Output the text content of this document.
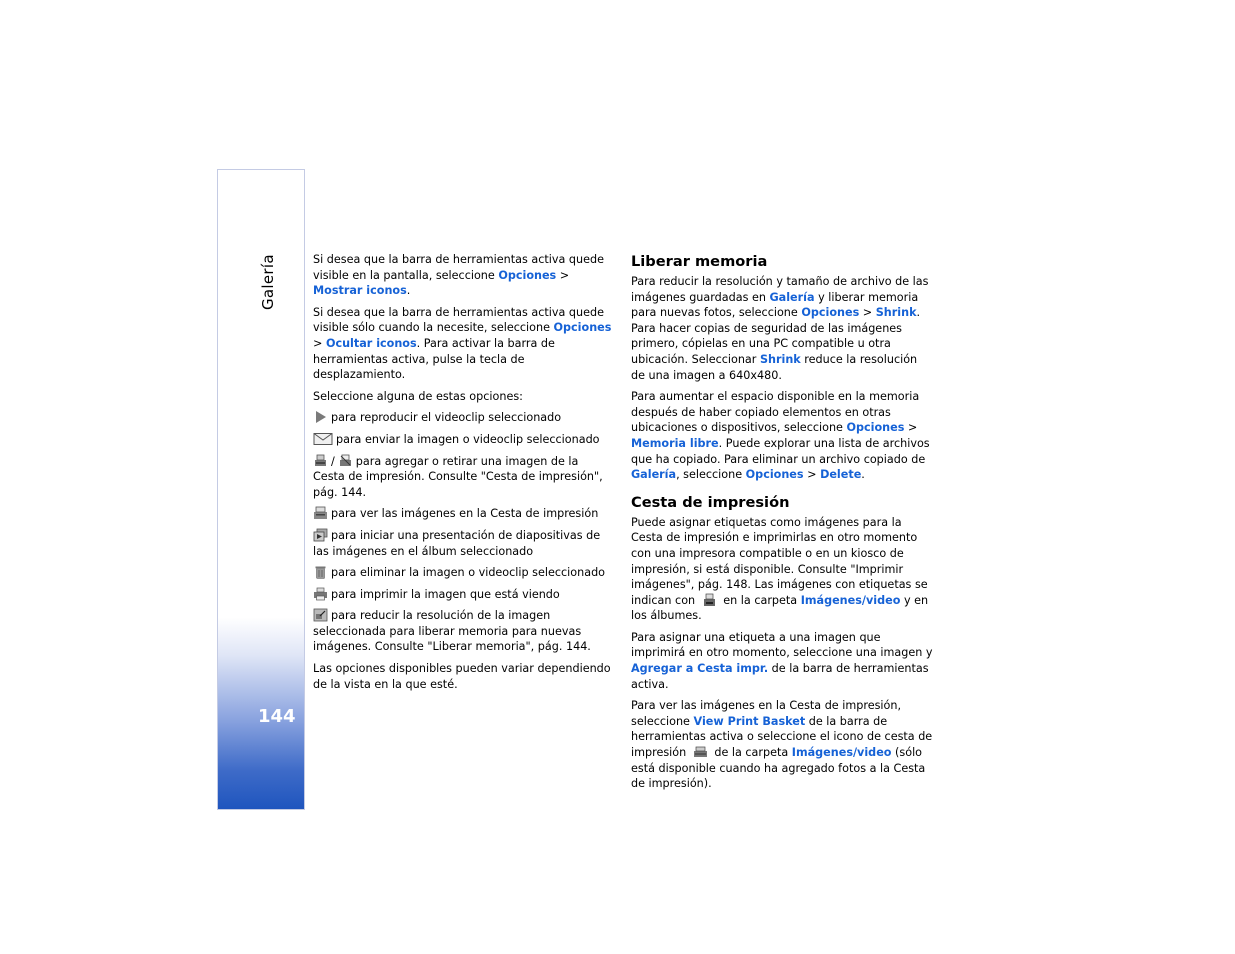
Galería
144

Si desea que la barra de herramientas activa quede visible en la pantalla, seleccione Opciones > Mostrar iconos.

Si desea que la barra de herramientas activa quede visible sólo cuando la necesite, seleccione Opciones > Ocultar iconos. Para activar la barra de herramientas activa, pulse la tecla de desplazamiento.

Seleccione alguna de estas opciones:

para reproducir el videoclip seleccionado

para enviar la imagen o videoclip seleccionado

/ para agregar o retirar una imagen de la Cesta de impresión. Consulte "Cesta de impresión", pág. 144.

para ver las imágenes en la Cesta de impresión

para iniciar una presentación de diapositivas de las imágenes en el álbum seleccionado

para eliminar la imagen o videoclip seleccionado

para imprimir la imagen que está viendo

para reducir la resolución de la imagen seleccionada para liberar memoria para nuevas imágenes. Consulte "Liberar memoria", pág. 144.

Las opciones disponibles pueden variar dependiendo de la vista en la que esté.

Liberar memoria

Para reducir la resolución y tamaño de archivo de las imágenes guardadas en Galería y liberar memoria para nuevas fotos, seleccione Opciones > Shrink. Para hacer copias de seguridad de las imágenes primero, cópielas en una PC compatible u otra ubicación. Seleccionar Shrink reduce la resolución de una imagen a 640x480.

Para aumentar el espacio disponible en la memoria después de haber copiado elementos en otras ubicaciones o dispositivos, seleccione Opciones > Memoria libre. Puede explorar una lista de archivos que ha copiado. Para eliminar un archivo copiado de Galería, seleccione Opciones > Delete.

Cesta de impresión

Puede asignar etiquetas como imágenes para la Cesta de impresión e imprimirlas en otro momento con una impresora compatible o en un kiosco de impresión, si está disponible. Consulte "Imprimir imágenes", pág. 148. Las imágenes con etiquetas se indican con
en la carpeta Imágenes/video y en los álbumes.

Para asignar una etiqueta a una imagen que imprimirá en otro momento, seleccione una imagen y Agregar a Cesta impr. de la barra de herramientas activa.

Para ver las imágenes en la Cesta de impresión, seleccione View Print Basket de la barra de herramientas activa o seleccione el icono de cesta de impresión
de la carpeta Imágenes/video (sólo está disponible cuando ha agregado fotos a la Cesta de impresión).
